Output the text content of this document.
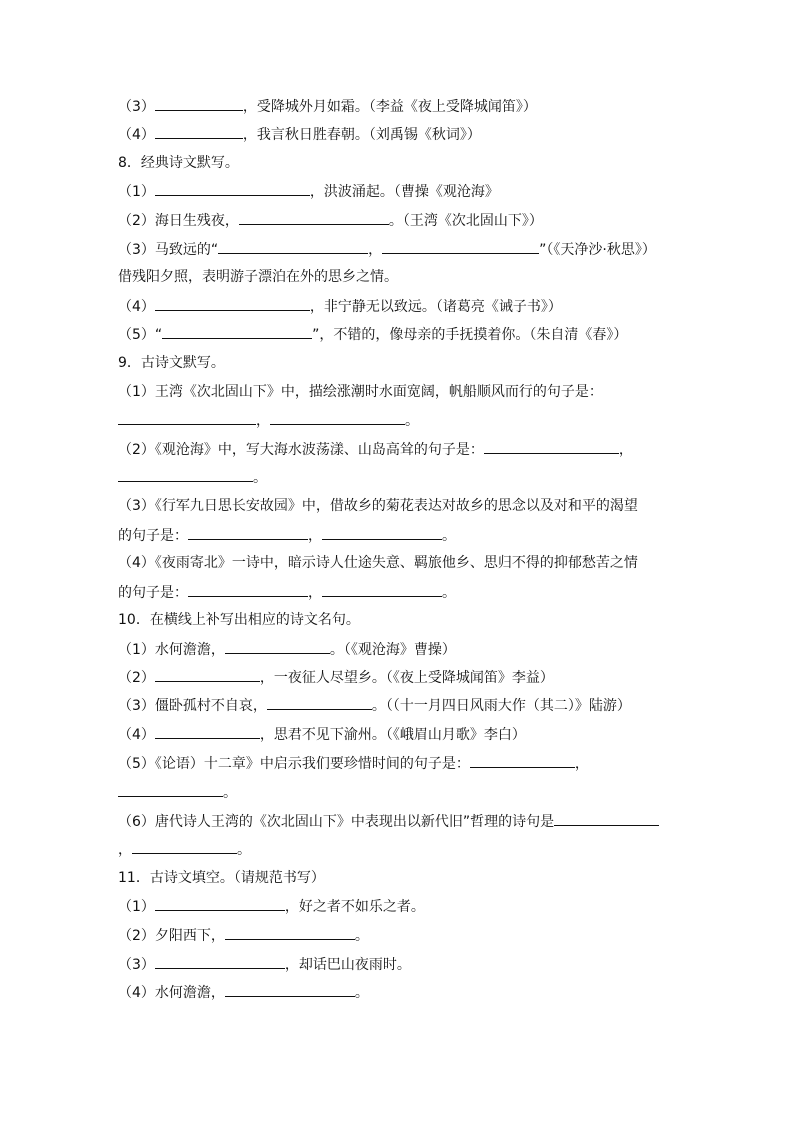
（3）	，受降城外月如霜。（李益《夜上受降城闻笛》）
（4）	，我言秋日胜春朝。（刘禹锡《秋词》）
8．经典诗文默写。
（1）	，洪波涌起。（曹操《观沧海》
（2）海日生残夜，	。（王湾《次北固山下》）
（3）马致远的“	，	”（《天净沙·秋思》）
借残阳夕照，表明游子漂泊在外的思乡之情。
（4）	，非宁静无以致远。（诸葛亮《诫子书》）
（5）“	”，不错的，像母亲的手抚摸着你。（朱自清《春》）
9．古诗文默写。
（1）王湾《次北固山下》中，描绘涨潮时水面宽阔，帆船顺风而行的句子是：
，	。
（2）《观沧海》中，写大海水波荡漾、山岛高耸的句子是：	，
。
（3）《行军九日思长安故园》中，借故乡的菊花表达对故乡的思念以及对和平的渴望
的句子是：	，	。
（4）《夜雨寄北》一诗中，暗示诗人仕途失意、羁旅他乡、思归不得的抑郁愁苦之情
的句子是：	，	。
10．在横线上补写出相应的诗文名句。
（1）水何澹澹，	。（《观沧海》曹操）
（2）	，一夜征人尽望乡。（《夜上受降城闻笛》李益）
（3）僵卧孤村不自哀，	。（（十一月四日风雨大作（其二）》陆游）
（4）	，思君不见下渝州。（《峨眉山月歌》李白）
（5）《论语）十二章》中启示我们要珍惜时间的句子是：	，
。
（6）唐代诗人王湾的《次北固山下》中表现出以新代旧”哲理的诗句是
，	。
11．古诗文填空。（请规范书写）
（1）	，好之者不如乐之者。
（2）夕阳西下，	。
（3）	，却话巴山夜雨时。
（4）水何澹澹，	。
